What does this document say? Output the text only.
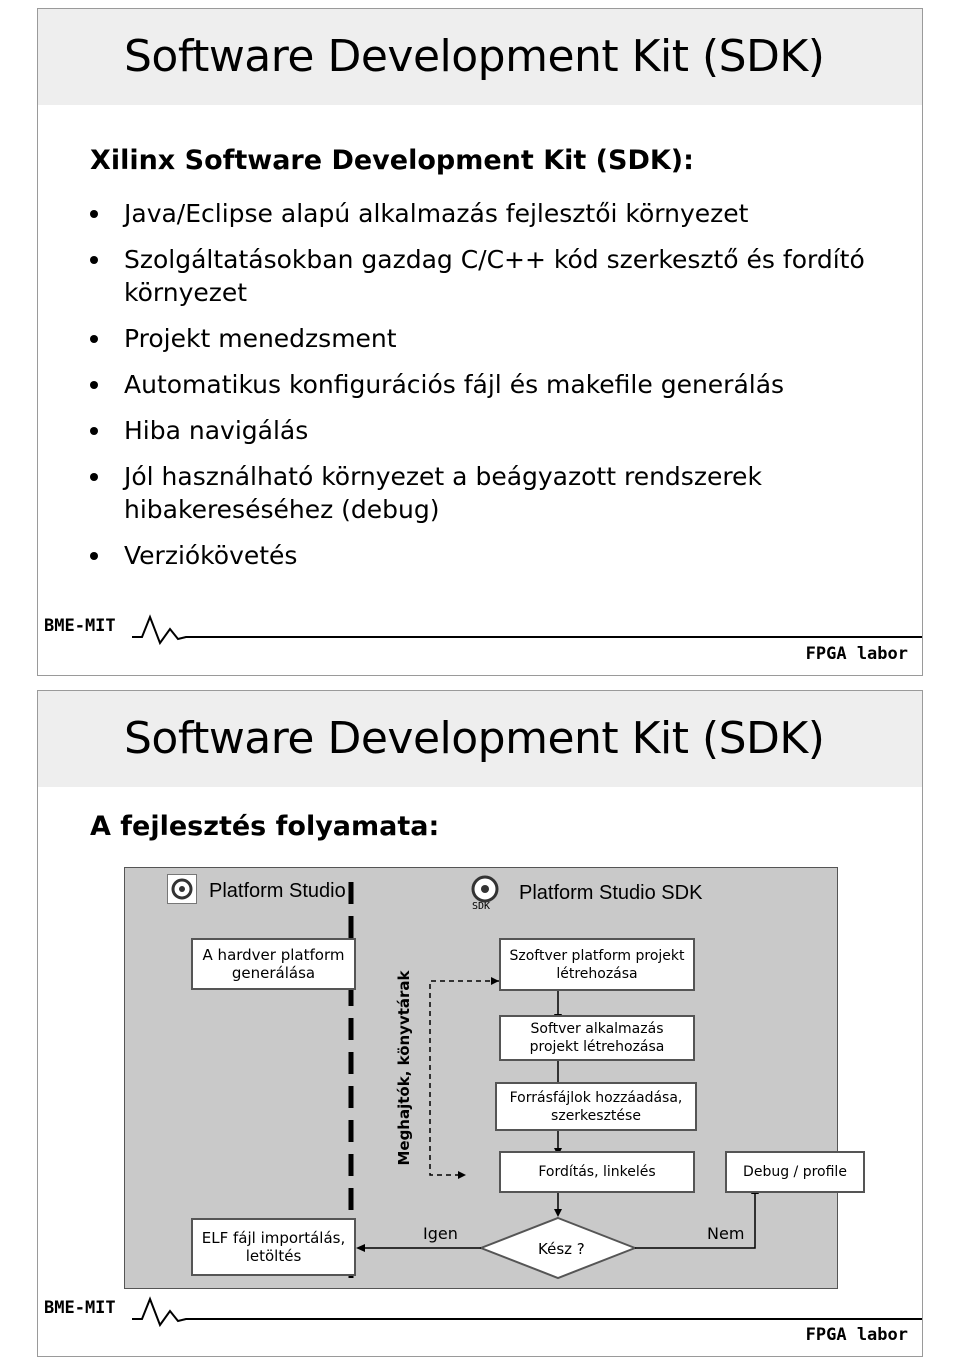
Software Development Kit (SDK)
Xilinx Software Development Kit (SDK):
Java/Eclipse alapú alkalmazás fejlesztői környezet
Szolgáltatásokban gazdag C/C++ kód szerkesztő és fordító környezet
Projekt menedzsment
Automatikus konfigurációs fájl és makefile generálás
Hiba navigálás
Jól használható környezet a beágyazott rendszerek hibakereséséhez (debug)
Verziókövetés
BME-MIT
FPGA labor
Software Development Kit (SDK)
A fejlesztés folyamata:
Platform Studio
SDK
Platform Studio SDK
A hardver platform generálása	Meghajtók, könyvtárak
Szoftver platform projekt létrehozása
Softver alkalmazás projekt létrehozása
Forrásfájlok hozzáadása, szerkesztése
Fordítás, linkelés	Debug / profile
ELF fájl importálás, letöltés
Igen
Kész ?
Nem
BME-MIT
FPGA labor
